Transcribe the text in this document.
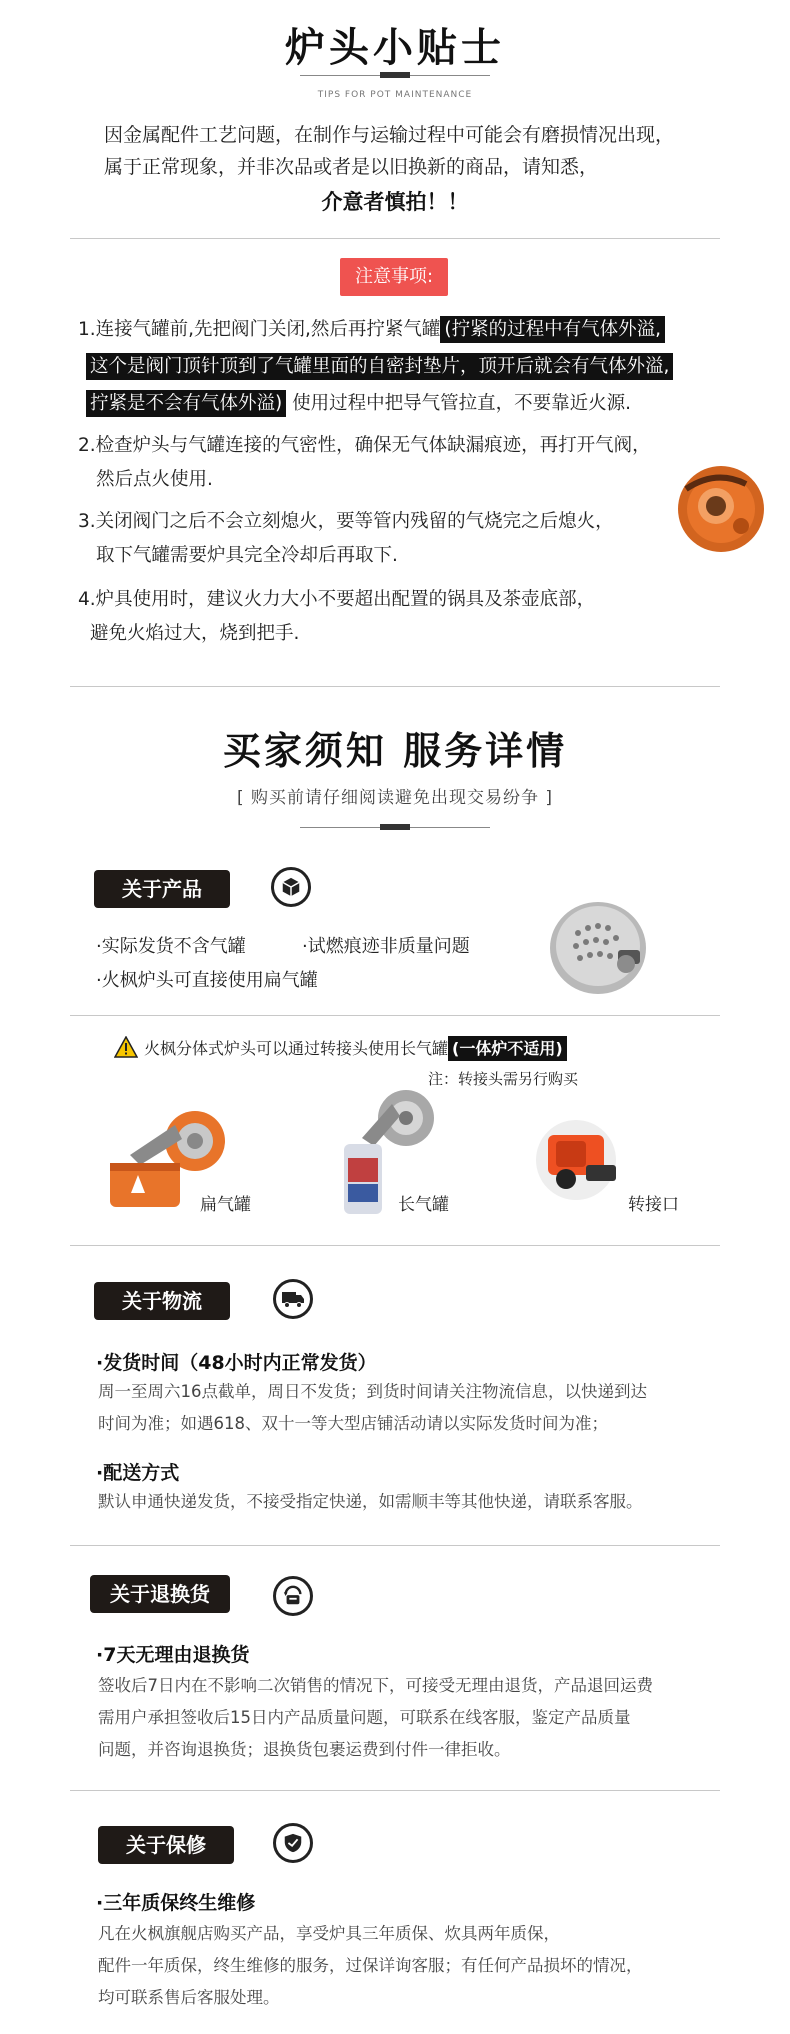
炉头小贴士
TIPS FOR POT MAINTENANCE
因金属配件工艺问题，在制作与运输过程中可能会有磨损情况出现，
属于正常现象，并非次品或者是以旧换新的商品，请知悉，
介意者慎拍！！
注意事项:
1.连接气罐前,先把阀门关闭,然后再拧紧气罐 (拧紧的过程中有气体外溢,
这个是阀门顶针顶到了气罐里面的自密封垫片，顶开后就会有气体外溢,
拧紧是不会有气体外溢) 使用过程中把导气管拉直，不要靠近火源.
2.检查炉头与气罐连接的气密性，确保无气体缺漏痕迹，再打开气阀，
然后点火使用.
3.关闭阀门之后不会立刻熄火，要等管内残留的气烧完之后熄火，
取下气罐需要炉具完全冷却后再取下.
4.炉具使用时，建议火力大小不要超出配置的锅具及茶壶底部，
避免火焰过大，烧到把手.
买家须知 服务详情
[ 购买前请仔细阅读避免出现交易纷争 ]
关于产品
·实际发货不含气罐	·试燃痕迹非质量问题
·火枫炉头可直接使用扁气罐
火枫分体式炉头可以通过转接头使用长气罐 (一体炉不适用)
注：转接头需另行购买
扁气罐	长气罐	转接口
关于物流
·发货时间（48小时内正常发货）
周一至周六16点截单，周日不发货；到货时间请关注物流信息，以快递到达
时间为准；如遇618、双十一等大型店铺活动请以实际发货时间为准；
·配送方式
默认申通快递发货，不接受指定快递，如需顺丰等其他快递，请联系客服。
关于退换货
·7天无理由退换货
签收后7日内在不影响二次销售的情况下，可接受无理由退货，产品退回运费
需用户承担签收后15日内产品质量问题，可联系在线客服，鉴定产品质量
问题，并咨询退换货；退换货包裹运费到付件一律拒收。
关于保修
·三年质保终生维修
凡在火枫旗舰店购买产品，享受炉具三年质保、炊具两年质保，
配件一年质保，终生维修的服务，过保详询客服；有任何产品损坏的情况，
均可联系售后客服处理。
